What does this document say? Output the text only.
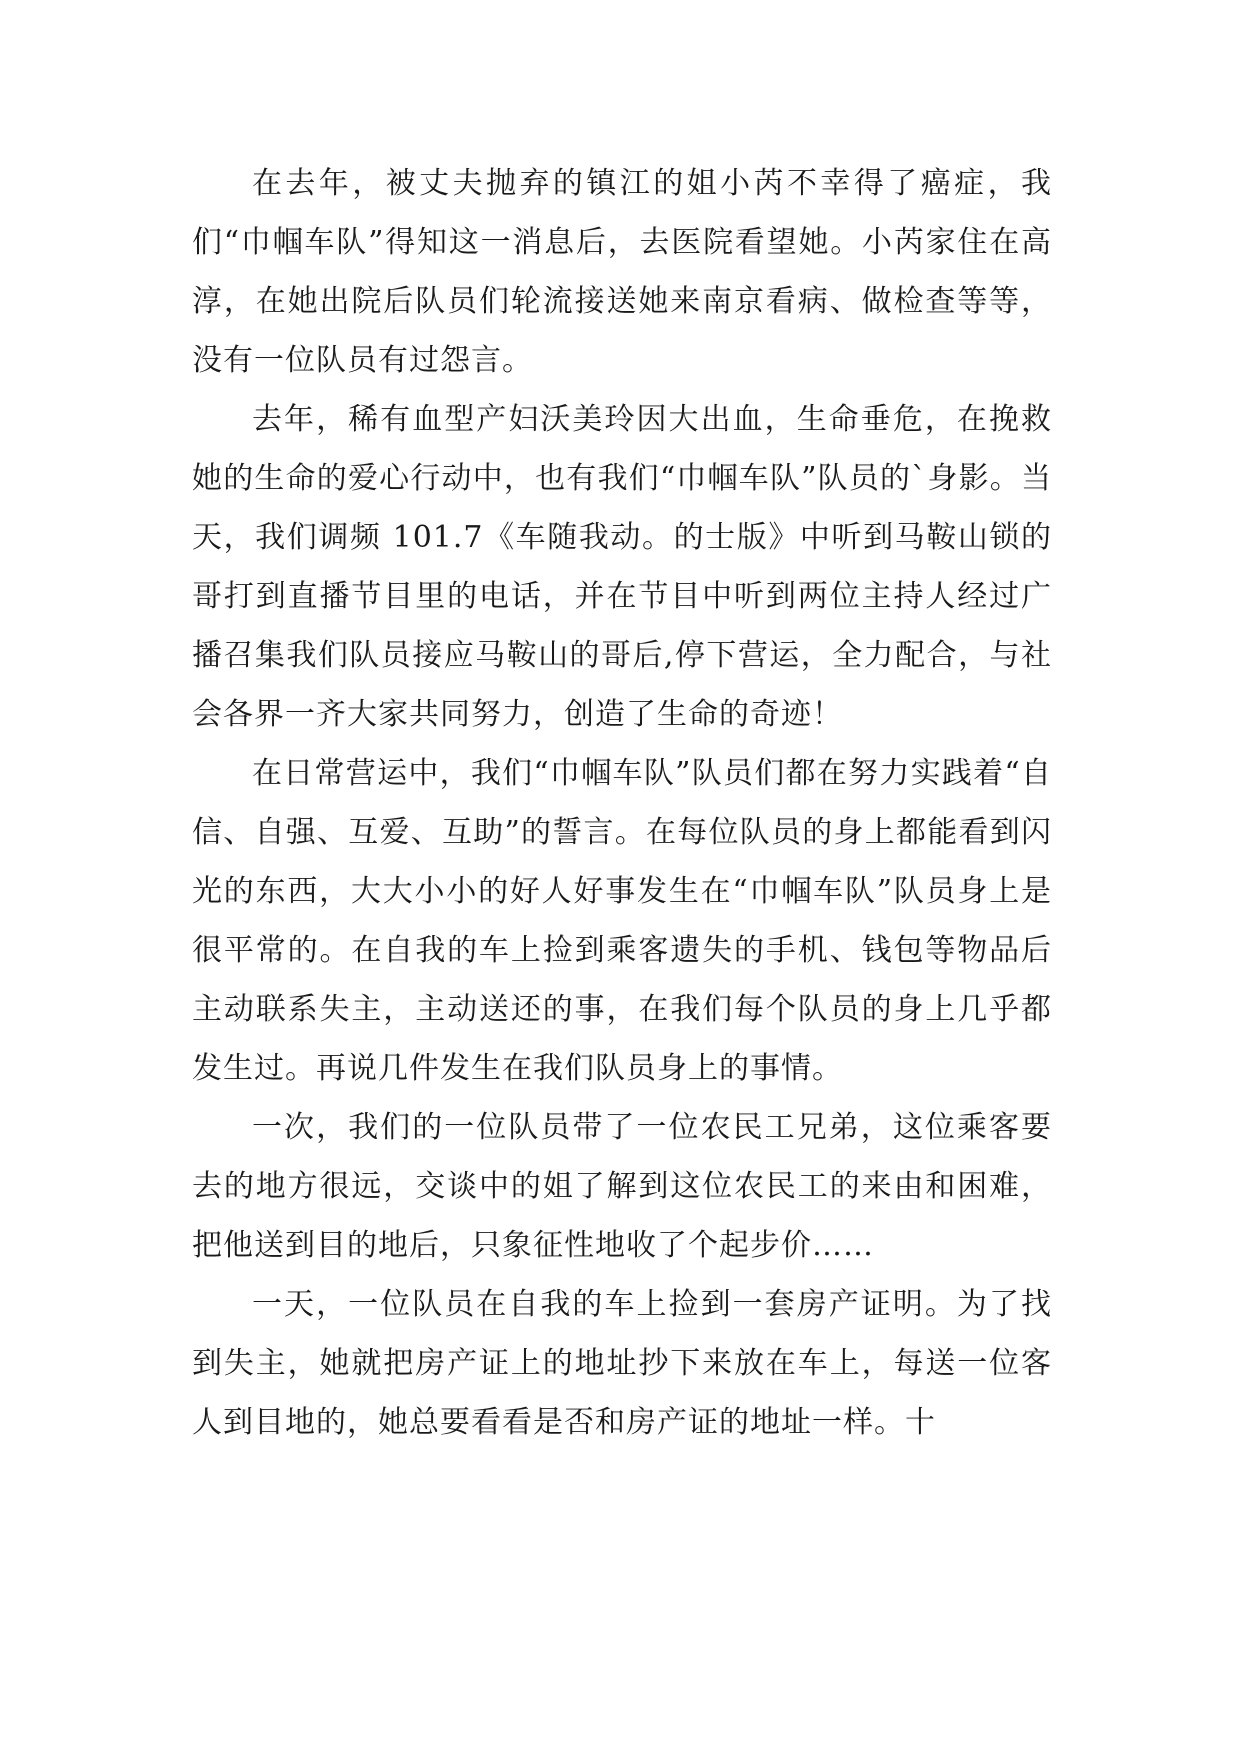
在去年，被丈夫抛弃的镇江的姐小芮不幸得了癌症，我们“巾帼车队”得知这一消息后，去医院看望她。小芮家住在高淳，在她出院后队员们轮流接送她来南京看病、做检查等等，没有一位队员有过怨言。

去年，稀有血型产妇沃美玲因大出血，生命垂危，在挽救她的生命的爱心行动中，也有我们“巾帼车队”队员的`身影。当天，我们调频 101.7《车随我动。的士版》中听到马鞍山锁的哥打到直播节目里的电话，并在节目中听到两位主持人经过广播召集我们队员接应马鞍山的哥后,停下营运，全力配合，与社会各界一齐大家共同努力，创造了生命的奇迹！

在日常营运中，我们“巾帼车队”队员们都在努力实践着“自信、自强、互爱、互助”的誓言。在每位队员的身上都能看到闪光的东西，大大小小的好人好事发生在“巾帼车队”队员身上是很平常的。在自我的车上捡到乘客遗失的手机、钱包等物品后主动联系失主，主动送还的事，在我们每个队员的身上几乎都发生过。再说几件发生在我们队员身上的事情。

一次，我们的一位队员带了一位农民工兄弟，这位乘客要去的地方很远，交谈中的姐了解到这位农民工的来由和困难，把他送到目的地后，只象征性地收了个起步价……

一天，一位队员在自我的车上捡到一套房产证明。为了找到失主，她就把房产证上的地址抄下来放在车上，每送一位客人到目地的，她总要看看是否和房产证的地址一样。十
